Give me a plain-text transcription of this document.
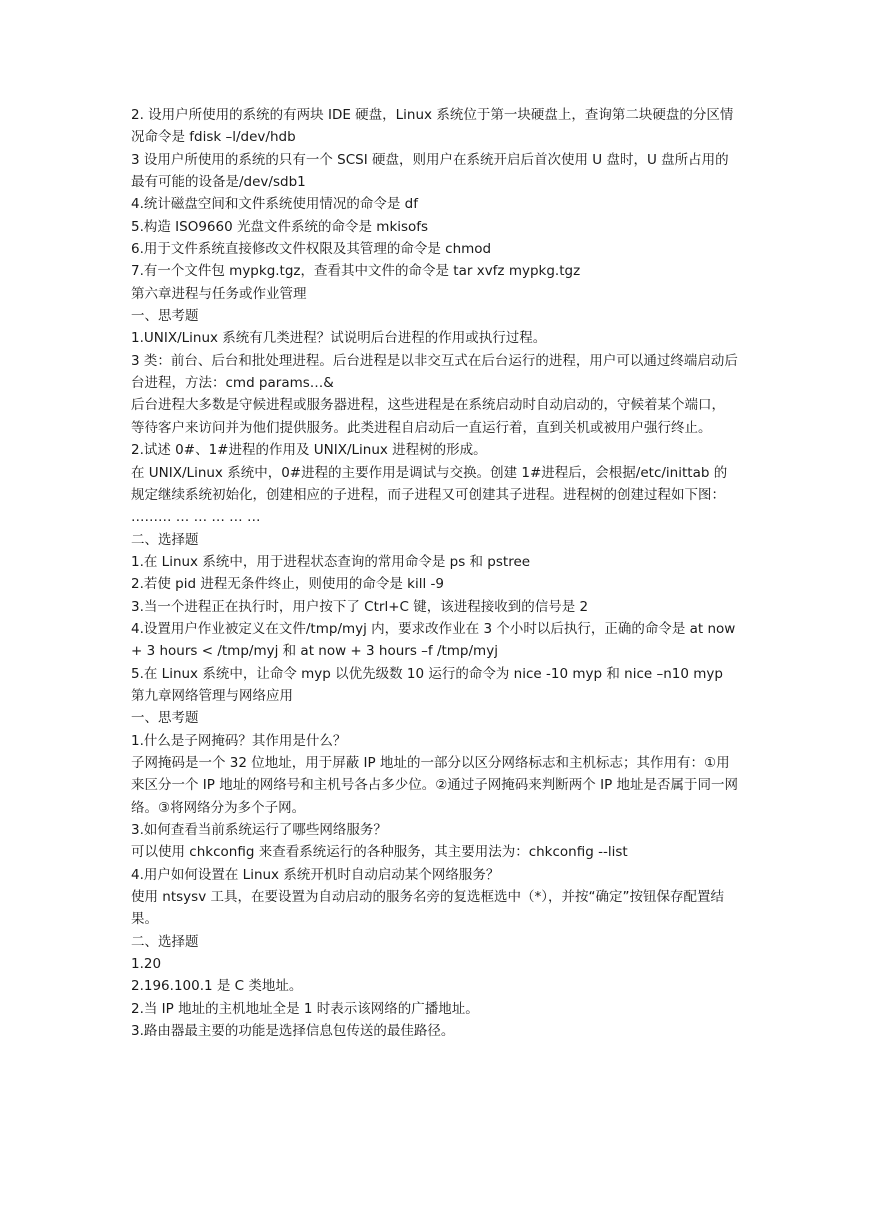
2. 设用户所使用的系统的有两块 IDE 硬盘，Linux 系统位于第一块硬盘上，查询第二块硬盘的分区情况命令是 fdisk –l/dev/hdb
3 设用户所使用的系统的只有一个 SCSI 硬盘，则用户在系统开启后首次使用 U 盘时，U 盘所占用的最有可能的设备是/dev/sdb1
4.统计磁盘空间和文件系统使用情况的命令是 df
5.构造 ISO9660 光盘文件系统的命令是 mkisofs
6.用于文件系统直接修改文件权限及其管理的命令是 chmod
7.有一个文件包 mypkg.tgz，查看其中文件的命令是 tar xvfz mypkg.tgz
第六章进程与任务或作业管理
一、思考题
1.UNIX/Linux 系统有几类进程？试说明后台进程的作用或执行过程。
3 类：前台、后台和批处理进程。后台进程是以非交互式在后台运行的进程，用户可以通过终端启动后台进程，方法：cmd params…&
后台进程大多数是守候进程或服务器进程，这些进程是在系统启动时自动启动的，守候着某个端口，等待客户来访问并为他们提供服务。此类进程自启动后一直运行着，直到关机或被用户强行终止。
2.试述 0#、1#进程的作用及 UNIX/Linux 进程树的形成。
在 UNIX/Linux 系统中，0#进程的主要作用是调试与交换。创建 1#进程后，会根据/etc/inittab 的规定继续系统初始化，创建相应的子进程，而子进程又可创建其子进程。进程树的创建过程如下图：
……… … … … … …
二、选择题
1.在 Linux 系统中，用于进程状态查询的常用命令是 ps 和 pstree
2.若使 pid 进程无条件终止，则使用的命令是 kill -9
3.当一个进程正在执行时，用户按下了 Ctrl+C 键，该进程接收到的信号是 2
4.设置用户作业被定义在文件/tmp/myj 内，要求改作业在 3 个小时以后执行，正确的命令是 at now + 3 hours < /tmp/myj 和 at now + 3 hours –f /tmp/myj
5.在 Linux 系统中，让命令 myp 以优先级数 10 运行的命令为 nice -10 myp 和 nice –n10 myp
第九章网络管理与网络应用
一、思考题
1.什么是子网掩码？其作用是什么？
子网掩码是一个 32 位地址，用于屏蔽 IP 地址的一部分以区分网络标志和主机标志；其作用有：①用来区分一个 IP 地址的网络号和主机号各占多少位。②通过子网掩码来判断两个 IP 地址是否属于同一网络。③将网络分为多个子网。
3.如何查看当前系统运行了哪些网络服务？
可以使用 chkconfig 来查看系统运行的各种服务，其主要用法为：chkconfig --list
4.用户如何设置在 Linux 系统开机时自动启动某个网络服务？
使用 ntsysv 工具，在要设置为自动启动的服务名旁的复选框选中（*），并按“确定”按钮保存配置结果。
二、选择题
1.20
2.196.100.1 是 C 类地址。
2.当 IP 地址的主机地址全是 1 时表示该网络的广播地址。
3.路由器最主要的功能是选择信息包传送的最佳路径。
